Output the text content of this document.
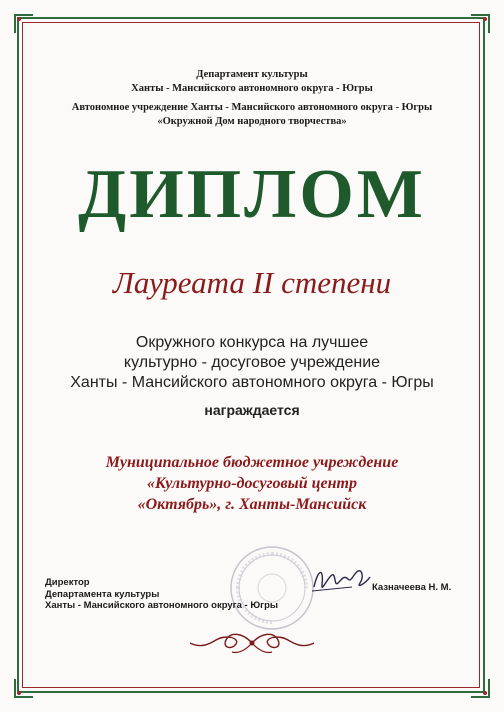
Департамент культуры
Ханты - Мансийского автономного округа - Югры
Автономное учреждение Ханты - Мансийского автономного округа - Югры
«Окружной Дом народного творчества»
ДИПЛОМ
Лауреата II степени
Окружного конкурса на лучшее
культурно - досуговое учреждение
Ханты - Мансийского автономного округа - Югры
награждается
Муниципальное бюджетное учреждение
«Культурно-досуговый центр
«Октябрь», г. Ханты-Мансийск
Директор
Департамента культуры
Ханты - Мансийского автономного округа - Югры
Казначеева Н. М.
